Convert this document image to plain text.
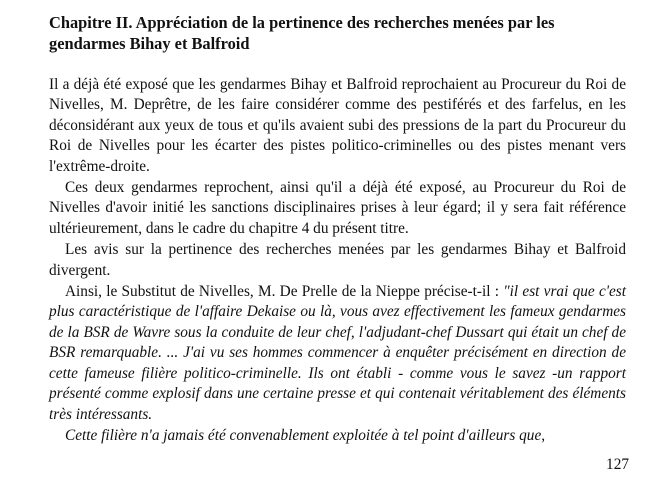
Chapitre II. Appréciation de la pertinence des recherches menées par les gendarmes Bihay et Balfroid

Il a déjà été exposé que les gendarmes Bihay et Balfroid reprochaient au Procureur du Roi de Nivelles, M. Deprêtre, de les faire considérer comme des pestiférés et des farfelus, en les déconsidérant aux yeux de tous et qu'ils avaient subi des pressions de la part du Procureur du Roi de Nivelles pour les écarter des pistes politico-criminelles ou des pistes menant vers l'extrême-droite.

Ces deux gendarmes reprochent, ainsi qu'il a déjà été exposé, au Procureur du Roi de Nivelles d'avoir initié les sanctions disciplinaires prises à leur égard; il y sera fait référence ultérieurement, dans le cadre du chapitre 4 du présent titre.

Les avis sur la pertinence des recherches menées par les gendarmes Bihay et Balfroid divergent.

Ainsi, le Substitut de Nivelles, M. De Prelle de la Nieppe précise-t-il : "il est vrai que c'est plus caractéristique de l'affaire Dekaise ou là, vous avez effectivement les fameux gendarmes de la BSR de Wavre sous la conduite de leur chef, l'adjudant-chef Dussart qui était un chef de BSR remarquable. ... J'ai vu ses hommes commencer à enquêter précisément en direction de cette fameuse filière politico-criminelle. Ils ont établi - comme vous le savez -un rapport présenté comme explosif dans une certaine presse et qui contenait véritablement des éléments très intéressants.

Cette filière n'a jamais été convenablement exploitée à tel point d'ailleurs que,

127
